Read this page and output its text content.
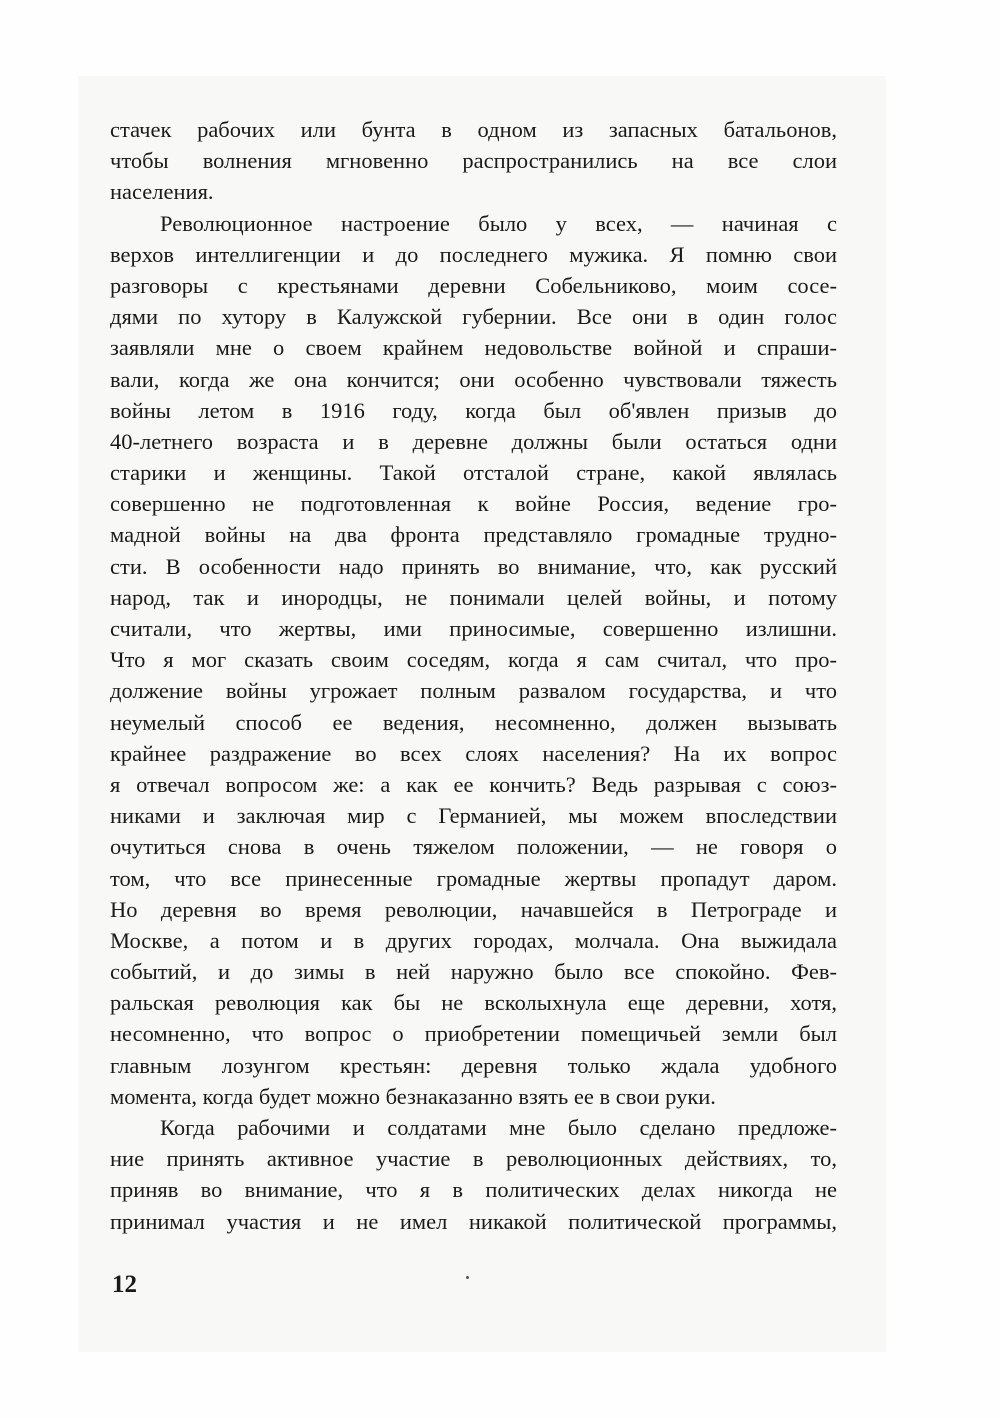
стачек рабочих или бунта в одном из запасных батальонов,
чтобы волнения мгновенно распространились на все слои
населения.
Революционное настроение было у всех, — начиная с
верхов интеллигенции и до последнего мужика. Я помню свои
разговоры с крестьянами деревни Собельниково, моим сосе-
дями по хутору в Калужской губернии. Все они в один голос
заявляли мне о своем крайнем недовольстве войной и спраши-
вали, когда же она кончится; они особенно чувствовали тяжесть
войны летом в 1916 году, когда был об'явлен призыв до
40-летнего возраста и в деревне должны были остаться одни
старики и женщины. Такой отсталой стране, какой являлась
совершенно не подготовленная к войне Россия, ведение гро-
мадной войны на два фронта представляло громадные трудно-
сти. В особенности надо принять во внимание, что, как русский
народ, так и инородцы, не понимали целей войны, и потому
считали, что жертвы, ими приносимые, совершенно излишни.
Что я мог сказать своим соседям, когда я сам считал, что про-
должение войны угрожает полным развалом государства, и что
неумелый способ ее ведения, несомненно, должен вызывать
крайнее раздражение во всех слоях населения? На их вопрос
я отвечал вопросом же: а как ее кончить? Ведь разрывая с союз-
никами и заключая мир с Германией, мы можем впоследствии
очутиться снова в очень тяжелом положении, — не говоря о
том, что все принесенные громадные жертвы пропадут даром.
Но деревня во время революции, начавшейся в Петрограде и
Москве, а потом и в других городах, молчала. Она выжидала
событий, и до зимы в ней наружно было все спокойно. Фев-
ральская революция как бы не всколыхнула еще деревни, хотя,
несомненно, что вопрос о приобретении помещичьей земли был
главным лозунгом крестьян: деревня только ждала удобного
момента, когда будет можно безнаказанно взять ее в свои руки.
Когда рабочими и солдатами мне было сделано предложе-
ние принять активное участие в революционных действиях, то,
приняв во внимание, что я в политических делах никогда не
принимал участия и не имел никакой политической программы,
12
